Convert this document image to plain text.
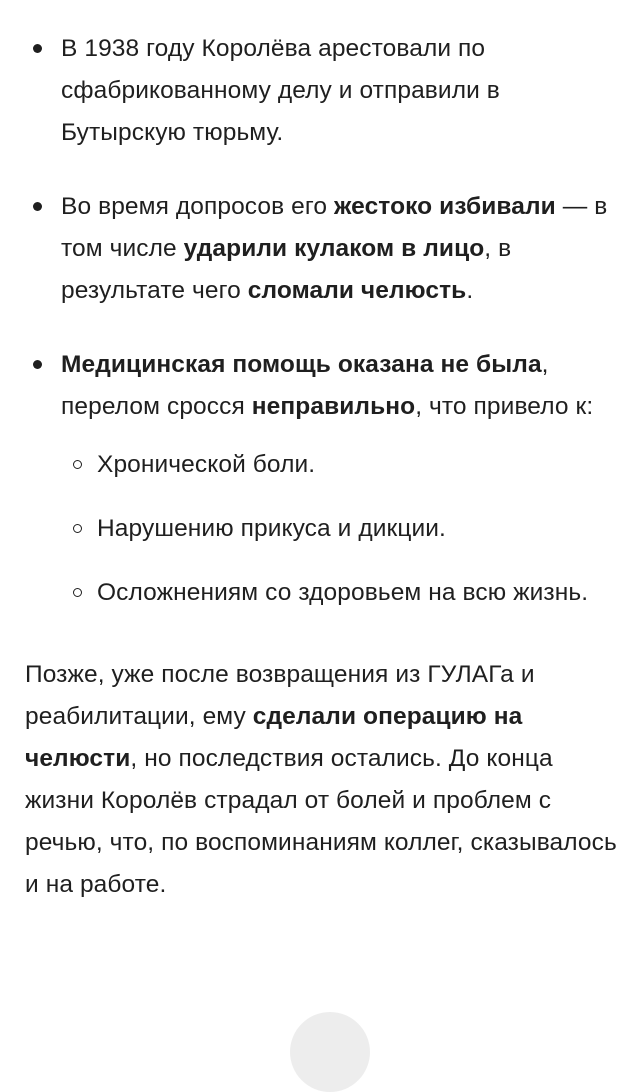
В 1938 году Королёва арестовали по сфабрикованному делу и отправили в Бутырскую тюрьму.
Во время допросов его жестоко избивали — в том числе ударили кулаком в лицо, в результате чего сломали челюсть.
Медицинская помощь оказана не была, перелом сросся неправильно, что привело к:
Хронической боли.
Нарушению прикуса и дикции.
Осложнениям со здоровьем на всю жизнь.

Позже, уже после возвращения из ГУЛАГа и реабилитации, ему сделали операцию на челюсти, но последствия остались. До конца жизни Королёв страдал от болей и проблем с речью, что, по воспоминаниям коллег, сказывалось и на работе.
